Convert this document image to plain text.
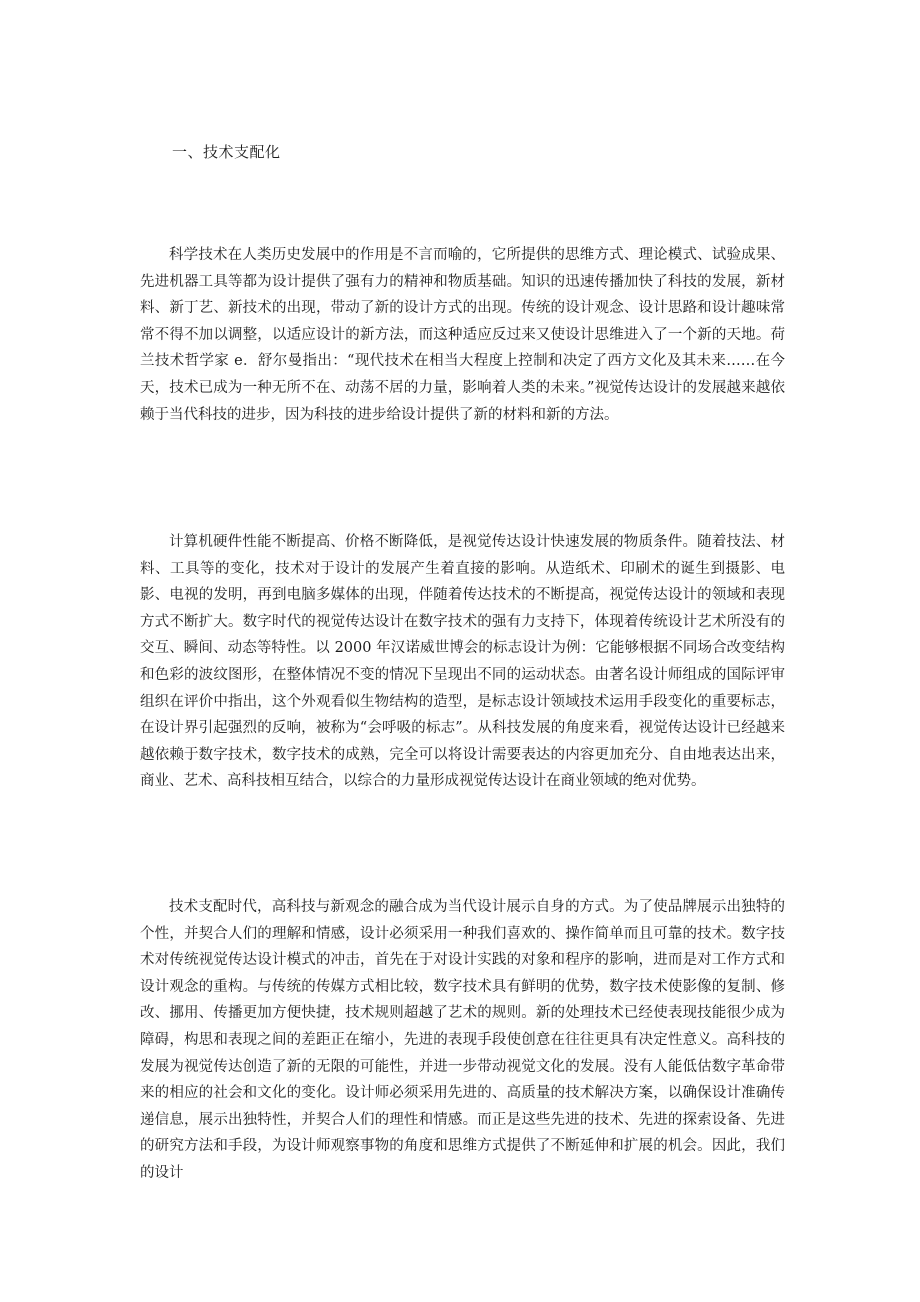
一、技术支配化

科学技术在人类历史发展中的作用是不言而喻的，它所提供的思维方式、理论模式、试验成果、先进机器工具等都为设计提供了强有力的精神和物质基础。知识的迅速传播加快了科技的发展，新材料、新丁艺、新技术的出现，带动了新的设计方式的出现。传统的设计观念、设计思路和设计趣味常常不得不加以调整，以适应设计的新方法，而这种适应反过来又使设计思维进入了一个新的天地。荷兰技术哲学家 e．舒尔曼指出：“现代技术在相当大程度上控制和决定了西方文化及其未来……在今天，技术已成为一种无所不在、动荡不居的力量，影响着人类的未来。”视觉传达设计的发展越来越依赖于当代科技的进步，因为科技的进步给设计提供了新的材料和新的方法。

计算机硬件性能不断提高、价格不断降低，是视觉传达设计快速发展的物质条件。随着技法、材料、工具等的变化，技术对于设计的发展产生着直接的影响。从造纸术、印刷术的诞生到摄影、电影、电视的发明，再到电脑多媒体的出现，伴随着传达技术的不断提高，视觉传达设计的领域和表现方式不断扩大。数字时代的视觉传达设计在数字技术的强有力支持下，体现着传统设计艺术所没有的交互、瞬间、动态等特性。以 2000 年汉诺威世博会的标志设计为例：它能够根据不同场合改变结构和色彩的波纹图形，在整体情况不变的情况下呈现出不同的运动状态。由著名设计师组成的国际评审组织在评价中指出，这个外观看似生物结构的造型，是标志设计领域技术运用手段变化的重要标志，在设计界引起强烈的反响，被称为“会呼吸的标志”。从科技发展的角度来看，视觉传达设计已经越来越依赖于数字技术，数字技术的成熟，完全可以将设计需要表达的内容更加充分、自由地表达出来，商业、艺术、高科技相互结合，以综合的力量形成视觉传达设计在商业领域的绝对优势。

技术支配时代，高科技与新观念的融合成为当代设计展示自身的方式。为了使品牌展示出独特的个性，并契合人们的理解和情感，设计必须采用一种我们喜欢的、操作简单而且可靠的技术。数字技术对传统视觉传达设计模式的冲击，首先在于对设计实践的对象和程序的影响，进而是对工作方式和设计观念的重构。与传统的传媒方式相比较，数字技术具有鲜明的优势，数字技术使影像的复制、修改、挪用、传播更加方便快捷，技术规则超越了艺术的规则。新的处理技术已经使表现技能很少成为障碍，构思和表现之间的差距正在缩小，先进的表现手段使创意在往往更具有决定性意义。高科技的发展为视觉传达创造了新的无限的可能性，并进一步带动视觉文化的发展。没有人能低估数字革命带来的相应的社会和文化的变化。设计师必须采用先进的、高质量的技术解决方案，以确保设计准确传递信息，展示出独特性，并契合人们的理性和情感。而正是这些先进的技术、先进的探索设备、先进的研究方法和手段，为设计师观察事物的角度和思维方式提供了不断延伸和扩展的机会。因此，我们的设计
